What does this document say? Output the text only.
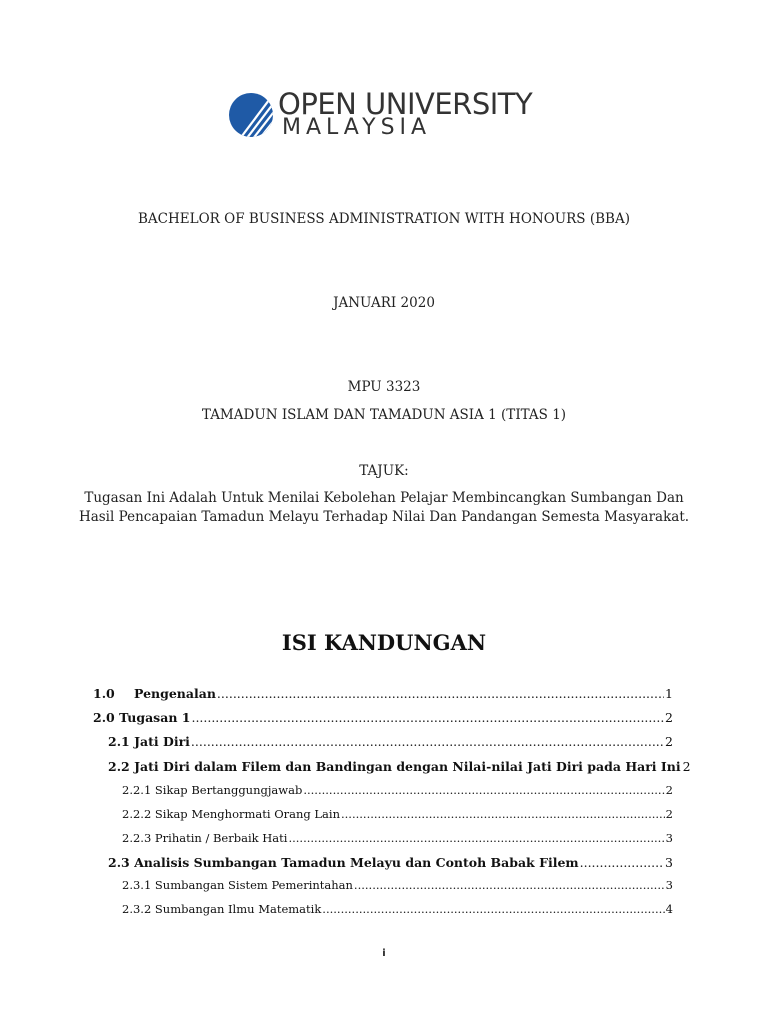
OPEN UNIVERSITY
MALAYSIA
BACHELOR OF BUSINESS ADMINISTRATION WITH HONOURS (BBA)
JANUARI 2020
MPU 3323
TAMADUN ISLAM DAN TAMADUN ASIA 1 (TITAS 1)
TAJUK:
Tugasan Ini Adalah Untuk Menilai Kebolehan Pelajar Membincangkan Sumbangan Dan
Hasil Pencapaian Tamadun Melayu Terhadap Nilai Dan Pandangan Semesta Masyarakat.
ISI KANDUNGAN
1.0	Pengenalan .....	1
2.0 Tugasan 1 .....	2
2.1 Jati Diri .....	2
2.2 Jati Diri dalam Filem dan Bandingan dengan Nilai-nilai Jati Diri pada Hari Ini 2
2.2.1 Sikap Bertanggungjawab .....	2
2.2.2 Sikap Menghormati Orang Lain .....	2
2.2.3 Prihatin / Berbaik Hati .....	3
2.3 Analisis Sumbangan Tamadun Melayu dan Contoh Babak Filem .....	3
2.3.1 Sumbangan Sistem Pemerintahan .....	3
2.3.2 Sumbangan Ilmu Matematik .....	4
i
